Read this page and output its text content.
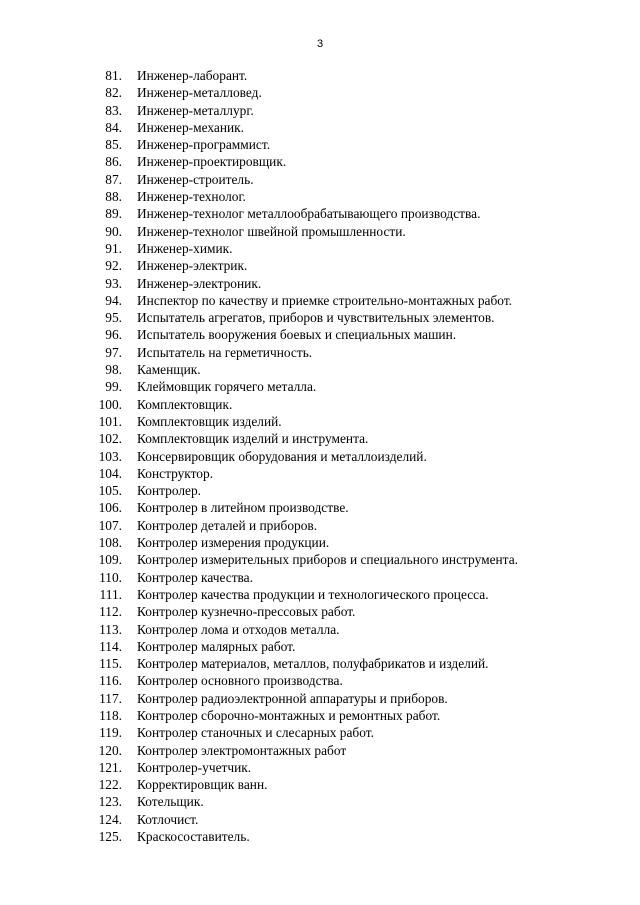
3
81. Инженер-лаборант.
82. Инженер-металловед.
83. Инженер-металлург.
84. Инженер-механик.
85. Инженер-программист.
86. Инженер-проектировщик.
87. Инженер-строитель.
88. Инженер-технолог.
89. Инженер-технолог металлообрабатывающего производства.
90. Инженер-технолог швейной промышленности.
91. Инженер-химик.
92. Инженер-электрик.
93. Инженер-электроник.
94. Инспектор по качеству и приемке строительно-монтажных работ.
95. Испытатель агрегатов, приборов и чувствительных элементов.
96. Испытатель вооружения боевых и специальных машин.
97. Испытатель на герметичность.
98. Каменщик.
99. Клеймовщик горячего металла.
100. Комплектовщик.
101. Комплектовщик изделий.
102. Комплектовщик изделий и инструмента.
103. Консервировщик оборудования и металлоизделий.
104. Конструктор.
105. Контролер.
106. Контролер в литейном производстве.
107. Контролер деталей и приборов.
108. Контролер измерения продукции.
109. Контролер измерительных приборов и специального инструмента.
110. Контролер качества.
111. Контролер качества продукции и технологического процесса.
112. Контролер кузнечно-прессовых работ.
113. Контролер лома и отходов металла.
114. Контролер малярных работ.
115. Контролер материалов, металлов, полуфабрикатов и изделий.
116. Контролер основного производства.
117. Контролер радиоэлектронной аппаратуры и приборов.
118. Контролер сборочно-монтажных и ремонтных работ.
119. Контролер станочных и слесарных работ.
120. Контролер электромонтажных работ
121. Контролер-учетчик.
122. Корректировщик ванн.
123. Котельщик.
124. Котлочист.
125. Краскосоставитель.
